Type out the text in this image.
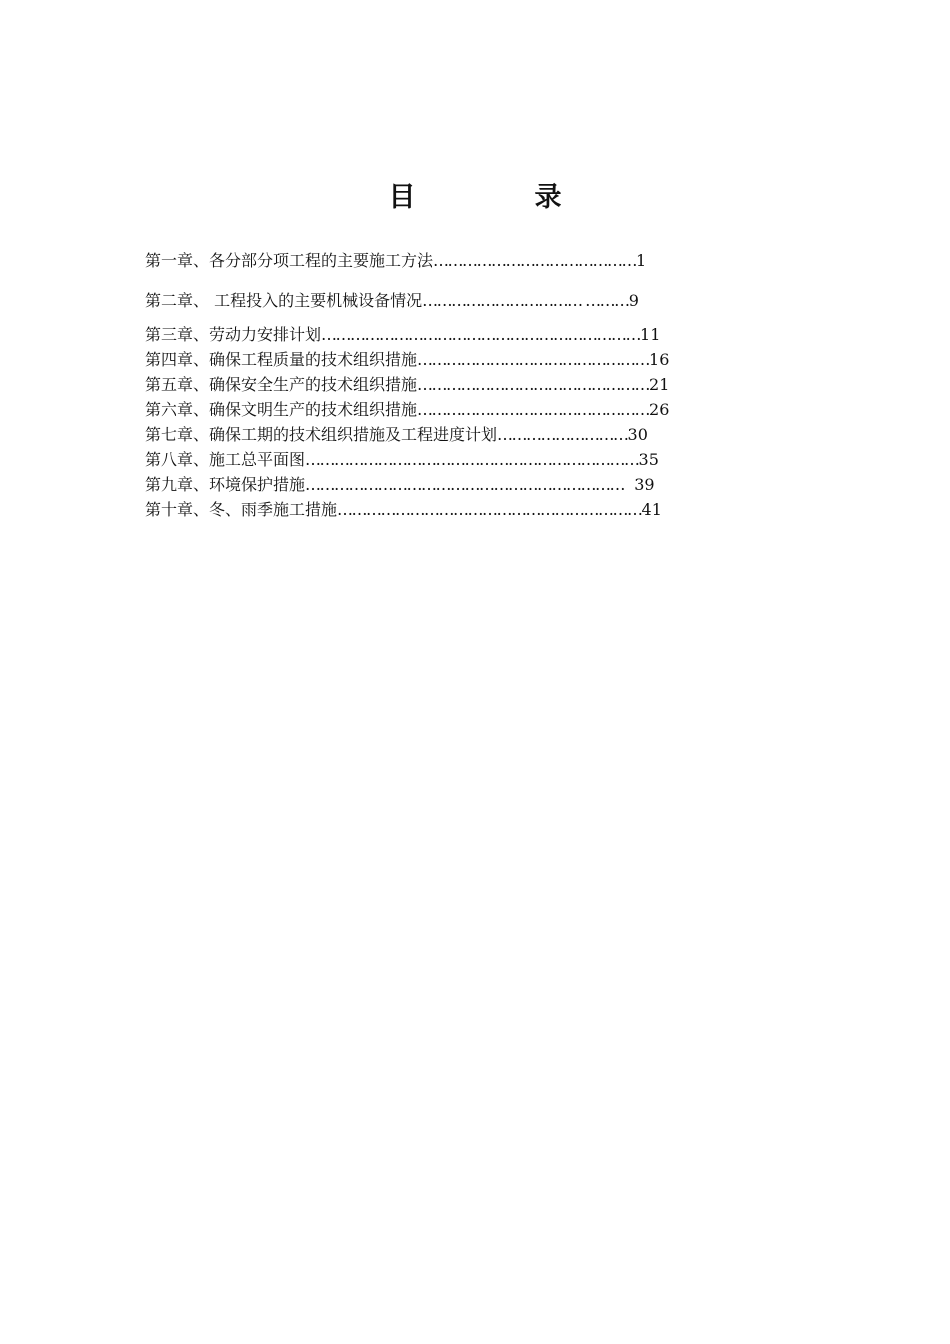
目　录
第一章、各分部分项工程的主要施工方法……………………………………1
第二章、 工程投入的主要机械设备情况…………………………… ………9
第三章、劳动力安排计划…………………………………………………………11
第四章、确保工程质量的技术组织措施…………………………………………16
第五章、确保安全生产的技术组织措施…………………………………………21
第六章、确保文明生产的技术组织措施…………………………………………26
第七章、确保工期的技术组织措施及工程进度计划………………………30
第八章、施工总平面图……………………………………………………………35
第九章、环境保护措施…………………………………………………………  39
第十章、冬、雨季施工措施………………………………………………………41
